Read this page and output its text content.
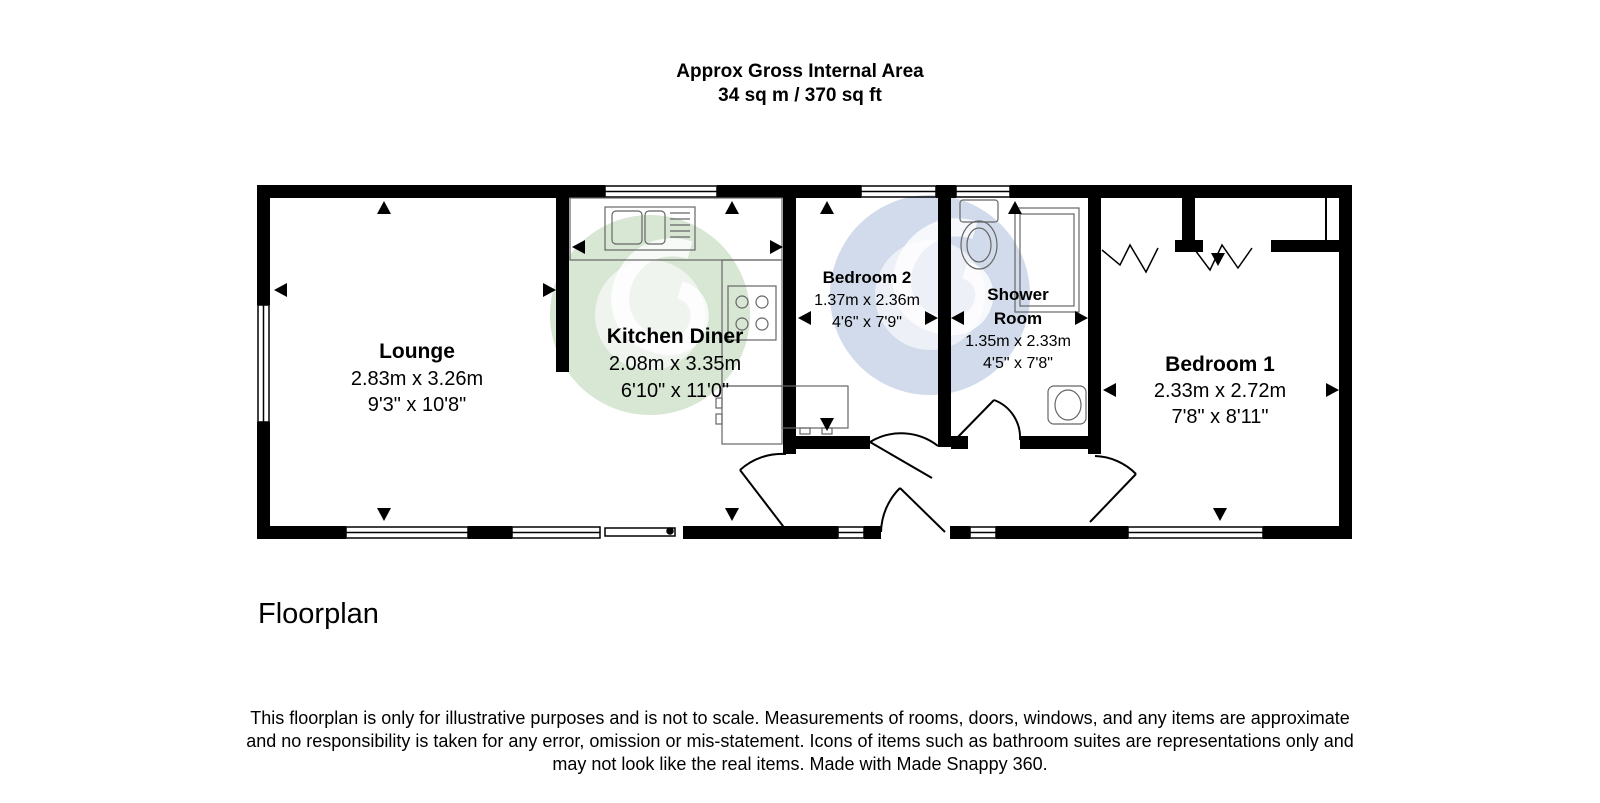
Approx Gross Internal Area
34 sq m / 370 sq ft
Lounge
2.83m x 3.26m
9'3" x 10'8"
Kitchen Diner
2.08m x 3.35m
6'10" x 11'0"
Bedroom 2
1.37m x 2.36m
4'6" x 7'9"
Shower
Room
1.35m x 2.33m
4'5" x 7'8"	Bedroom 1
2.33m x 2.72m
7'8" x 8'11"
Floorplan
This floorplan is only for illustrative purposes and is not to scale. Measurements of rooms, doors, windows, and any items are approximate
and no responsibility is taken for any error, omission or mis-statement. Icons of items such as bathroom suites are representations only and
may not look like the real items. Made with Made Snappy 360.
